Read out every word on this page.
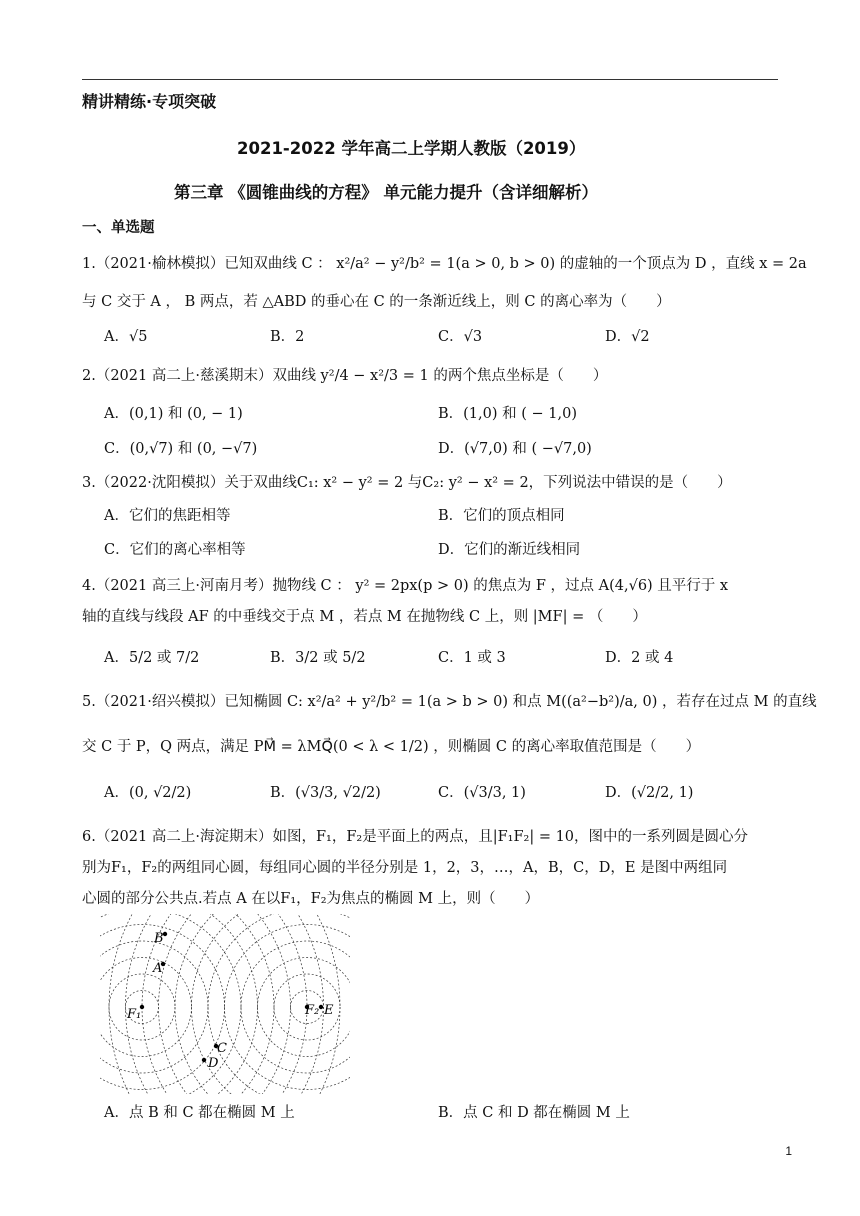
精讲精练·专项突破
2021-2022 学年高二上学期人教版（2019）
第三章 《圆锥曲线的方程》 单元能力提升（含详细解析）
一、单选题
1.（2021·榆林模拟）已知双曲线 C ： x²/a² − y²/b² = 1(a > 0, b > 0) 的虚轴的一个顶点为 D ，直线 x = 2a
与 C 交于 A ， B 两点，若 △ABD 的垂心在 C 的一条渐近线上，则 C 的离心率为（　　）
A．√5	B．2	C．√3	D．√2
2.（2021 高二上·慈溪期末）双曲线 y²/4 − x²/3 = 1 的两个焦点坐标是（　　）
A．(0,1) 和 (0, − 1)	B．(1,0) 和 ( − 1,0)
C．(0,√7) 和 (0, −√7)	D．(√7,0) 和 ( −√7,0)
3.（2022·沈阳模拟）关于双曲线C₁: x² − y² = 2 与C₂: y² − x² = 2，下列说法中错误的是（　　）
A．它们的焦距相等	B．它们的顶点相同
C．它们的离心率相等	D．它们的渐近线相同
4.（2021 高三上·河南月考）抛物线 C ： y² = 2px(p > 0) 的焦点为 F ，过点 A(4,√6) 且平行于 x
轴的直线与线段 AF 的中垂线交于点 M ，若点 M 在抛物线 C 上，则 |MF| = （　　）
A．5/2 或 7/2	B．3/2 或 5/2	C．1 或 3	D．2 或 4
5.（2021·绍兴模拟）已知椭圆 C: x²/a² + y²/b² = 1(a > b > 0) 和点 M((a²−b²)/a, 0) ，若存在过点 M 的直线
交 C 于 P，Q 两点，满足 PM⃗ = λMQ⃗(0 < λ < 1/2) ，则椭圆 C 的离心率取值范围是（　　）
A．(0, √2/2)	B．(√3/3, √2/2)	C．(√3/3, 1)	D．(√2/2, 1)
6.（2021 高二上·海淀期末）如图，F₁，F₂是平面上的两点，且|F₁F₂| = 10，图中的一系列圆是圆心分
别为F₁，F₂的两组同心圆，每组同心圆的半径分别是 1，2，3，…，A，B，C，D，E 是图中两组同
心圆的部分公共点.若点 A 在以F₁，F₂为焦点的椭圆 M 上，则（　　）
B
A
F₁	F₂ E
C
D
A．点 B 和 C 都在椭圆 M 上	B．点 C 和 D 都在椭圆 M 上
1
